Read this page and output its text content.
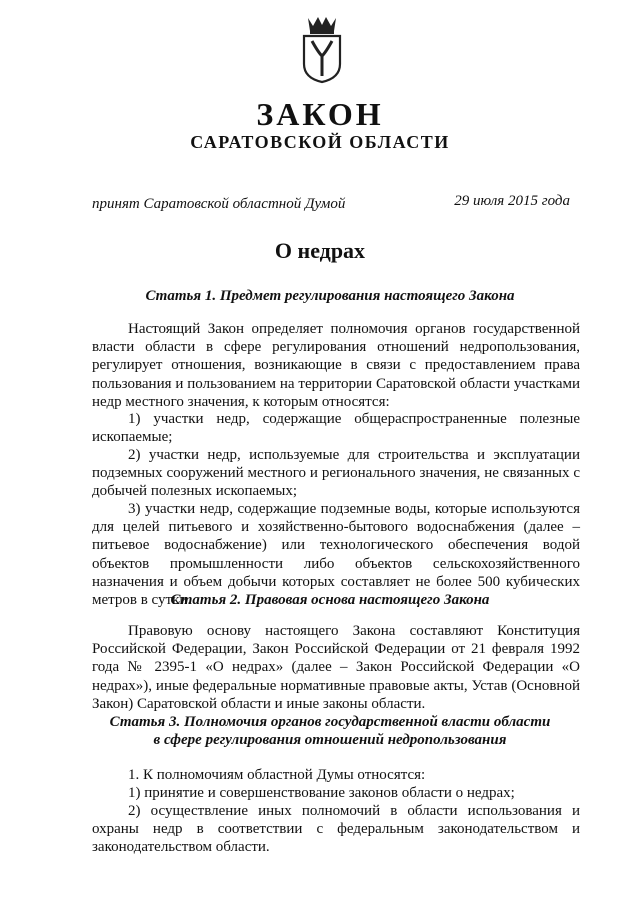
ЗАКОН
САРАТОВСКОЙ ОБЛАСТИ
принят Саратовской областной Думой	29 июля 2015 года
О недрах
Статья 1. Предмет регулирования настоящего Закона
Настоящий Закон определяет полномочия органов государственной власти области в сфере регулирования отношений недропользования, регулирует отношения, возникающие в связи с предоставлением права пользования и пользованием на территории Саратовской области участками недр местного значения, к которым относятся:
1) участки недр, содержащие общераспространенные полезные ископаемые;
2) участки недр, используемые для строительства и эксплуатации подземных сооружений местного и регионального значения, не связанных с добычей полезных ископаемых;
3) участки недр, содержащие подземные воды, которые используются для целей питьевого и хозяйственно-бытового водоснабжения (далее – питьевое водоснабжение) или технологического обеспечения водой объектов промышленности либо объектов сельскохозяйственного назначения и объем добычи которых составляет не более 500 кубических метров в сутки.
Статья 2. Правовая основа настоящего Закона
Правовую основу настоящего Закона составляют Конституция Российской Федерации, Закон Российской Федерации от 21 февраля 1992 года № 2395-1 «О недрах» (далее – Закон Российской Федерации «О недрах»), иные федеральные нормативные правовые акты, Устав (Основной Закон) Саратовской области и иные законы области.
Статья 3. Полномочия органов государственной власти области
в сфере регулирования отношений недропользования
1. К полномочиям областной Думы относятся:
1) принятие и совершенствование законов области о недрах;
2) осуществление иных полномочий в области использования и охраны недр в соответствии с федеральным законодательством и законодательством области.
